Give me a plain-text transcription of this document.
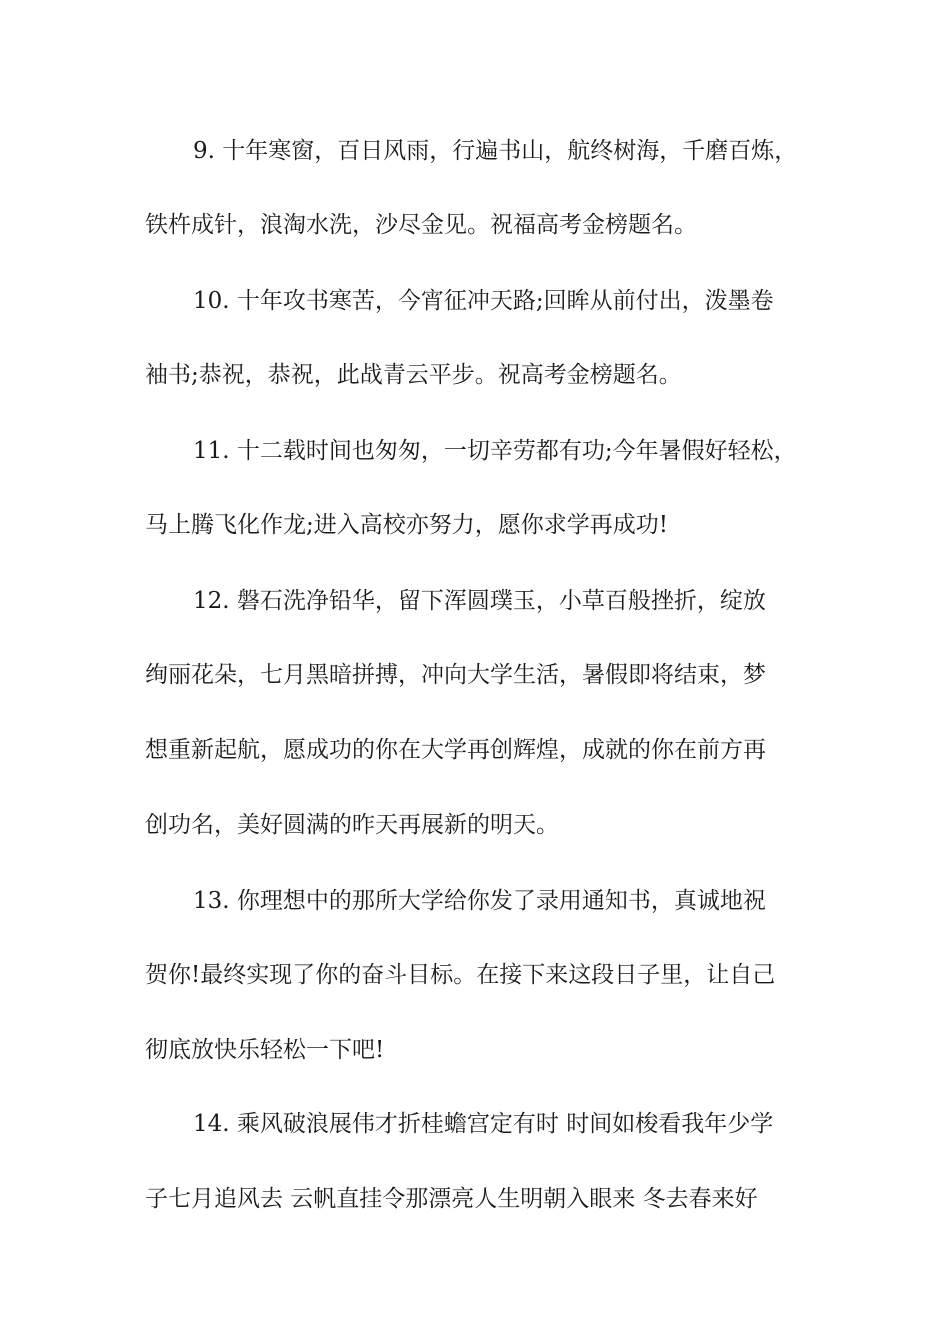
9. 十年寒窗，百日风雨，行遍书山，航终树海，千磨百炼，
铁杵成针，浪淘水洗，沙尽金见。祝福高考金榜题名。
10. 十年攻书寒苦，今宵征冲天路;回眸从前付出，泼墨卷
袖书;恭祝，恭祝，此战青云平步。祝高考金榜题名。
11. 十二载时间也匆匆，一切辛劳都有功;今年暑假好轻松，
马上腾飞化作龙;进入高校亦努力，愿你求学再成功!
12. 磐石洗净铅华，留下浑圆璞玉，小草百般挫折，绽放
绚丽花朵，七月黑暗拼搏，冲向大学生活，暑假即将结束，梦
想重新起航，愿成功的你在大学再创辉煌，成就的你在前方再
创功名，美好圆满的昨天再展新的明天。
13. 你理想中的那所大学给你发了录用通知书，真诚地祝
贺你!最终实现了你的奋斗目标。在接下来这段日子里，让自己
彻底放快乐轻松一下吧!
14. 乘风破浪展伟才折桂蟾宫定有时 时间如梭看我年少学
子七月追风去 云帆直挂令那漂亮人生明朝入眼来 冬去春来好
